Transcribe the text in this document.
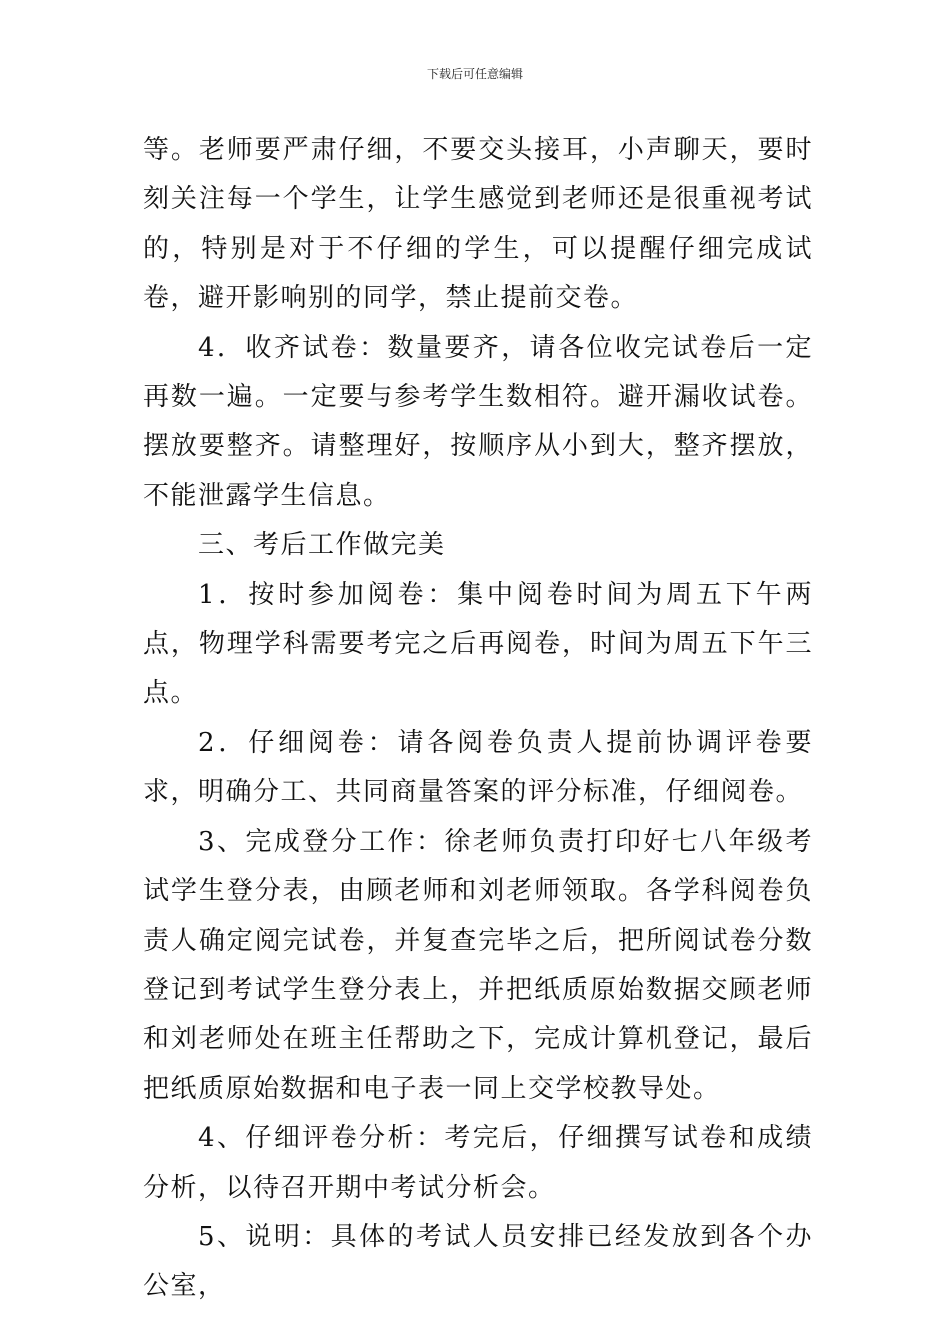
下载后可任意编辑

等。老师要严肃仔细，不要交头接耳，小声聊天，要时刻关注每一个学生，让学生感觉到老师还是很重视考试的，特别是对于不仔细的学生，可以提醒仔细完成试卷，避开影响别的同学，禁止提前交卷。

4．收齐试卷：数量要齐，请各位收完试卷后一定再数一遍。一定要与参考学生数相符。避开漏收试卷。摆放要整齐。请整理好，按顺序从小到大，整齐摆放，不能泄露学生信息。

三、考后工作做完美

1．按时参加阅卷：集中阅卷时间为周五下午两点，物理学科需要考完之后再阅卷，时间为周五下午三点。

2．仔细阅卷：请各阅卷负责人提前协调评卷要求，明确分工、共同商量答案的评分标准，仔细阅卷。

3、完成登分工作：徐老师负责打印好七八年级考试学生登分表，由顾老师和刘老师领取。各学科阅卷负责人确定阅完试卷，并复查完毕之后，把所阅试卷分数登记到考试学生登分表上，并把纸质原始数据交顾老师和刘老师处在班主任帮助之下，完成计算机登记，最后把纸质原始数据和电子表一同上交学校教导处。

4、仔细评卷分析：考完后，仔细撰写试卷和成绩分析，以待召开期中考试分析会。

5、说明：具体的考试人员安排已经发放到各个办公室，
